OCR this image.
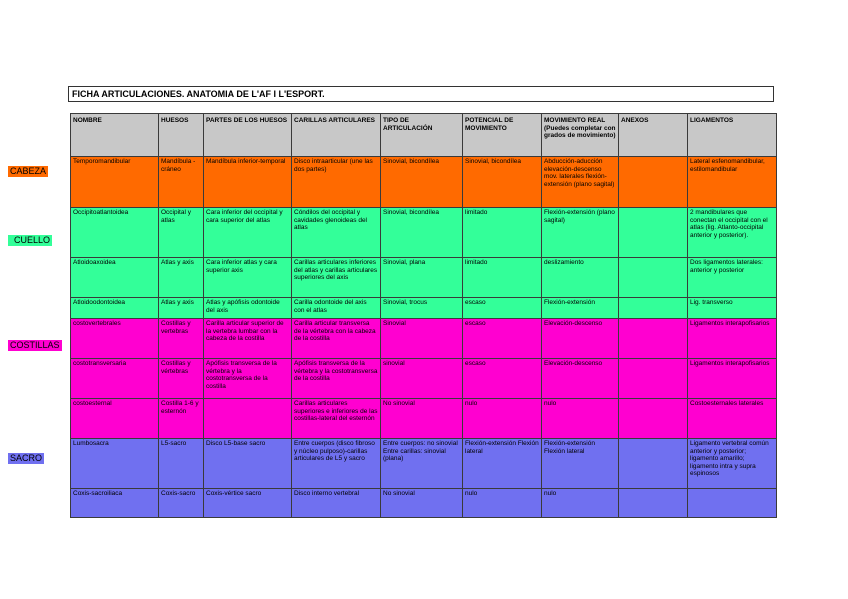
FICHA ARTICULACIONES. ANATOMIA DE L'AF I L'ESPORT.
NOMBRE	HUESOS	PARTES DE LOS HUESOS	CARILLAS ARTICULARES	TIPO DE ARTICULACIÓN	POTENCIAL DE MOVIMIENTO	MOVIMIENTO REAL (Puedes completar con grados de movimiento)	ANEXOS	LIGAMENTOS
Temporomandibular	Mandíbula -cráneo	Mandíbula inferior-temporal	Disco intraarticular (une las dos partes)	Sinovial, bicondílea	Sinovial, bicondílea	Abducción-aducción elevación-descenso mov. laterales flexión-extensión (plano sagital)		Lateral esfenomandibular, estilomandibular
Occipitoatlantoidea	Occipital y atlas	Cara inferior del occipital y cara superior del atlas	Cóndilos del occipital y cavidades glenoideas del atlas	Sinovial, bicondílea	limitado	Flexión-extensión (plano sagital)		2 mandibulares que conectan el occipital con el atlas (lig. Atlanto-occipital anterior y posterior).
Atloidoaxoidea	Atlas y axis	Cara inferior atlas y cara superior axis	Carillas articulares inferiores del atlas y carillas articulares superiores del axis	Sinovial, plana	limitado	deslizamiento		Dos ligamentos laterales: anterior y posterior
Atloidoodontoidea	Atlas y axis	Atlas y apófisis odontoide del axis	Carilla odontoide del axis con el atlas	Sinovial, trocus	escaso	Flexión-extensión		Lig. transverso
costovertebrales	Costillas y vertebras	Carilla articular superior de la vertebra lumbar con la cabeza de la costilla	Carilla articular transversa de la vértebra con la cabeza de la costilla	Sinovial	escaso	Elevación-descenso		Ligamentos interapofisarios
costotransversaria	Costillas y vértebras	Apófisis transversa de la vértebra y la costotransversa de la costilla	Apófisis transversa de la vértebra y la costotransversa de la costilla	sinovial	escaso	Elevación-descenso		Ligamentos interapofisarios
costoesternal	Costilla 1-6 y esternón		Carillas articulares superiores e inferiores de las costillas-lateral del esternón	No sinovial	nulo	nulo		Costoesternales laterales
Lumbosacra	L5-sacro	Disco L5-base sacro	Entre cuerpos (disco fibroso y núcleo pulposo)-carillas articulares de L5 y sacro	Entre cuerpos: no sinovial Entre carillas: sinovial (plana)	Flexión-extensión Flexión lateral	Flexión-extensión Flexión lateral		Ligamento vertebral común anterior y posterior; ligamento amarillo; ligamento intra y supra espinosos
Coxis-sacroiliaca	Coxis-sacro	Coxis-vértice sacro	Disco interno vertebral	No sinovial	nulo	nulo		
CABEZA
CUELLO
COSTILLAS
SACRO
